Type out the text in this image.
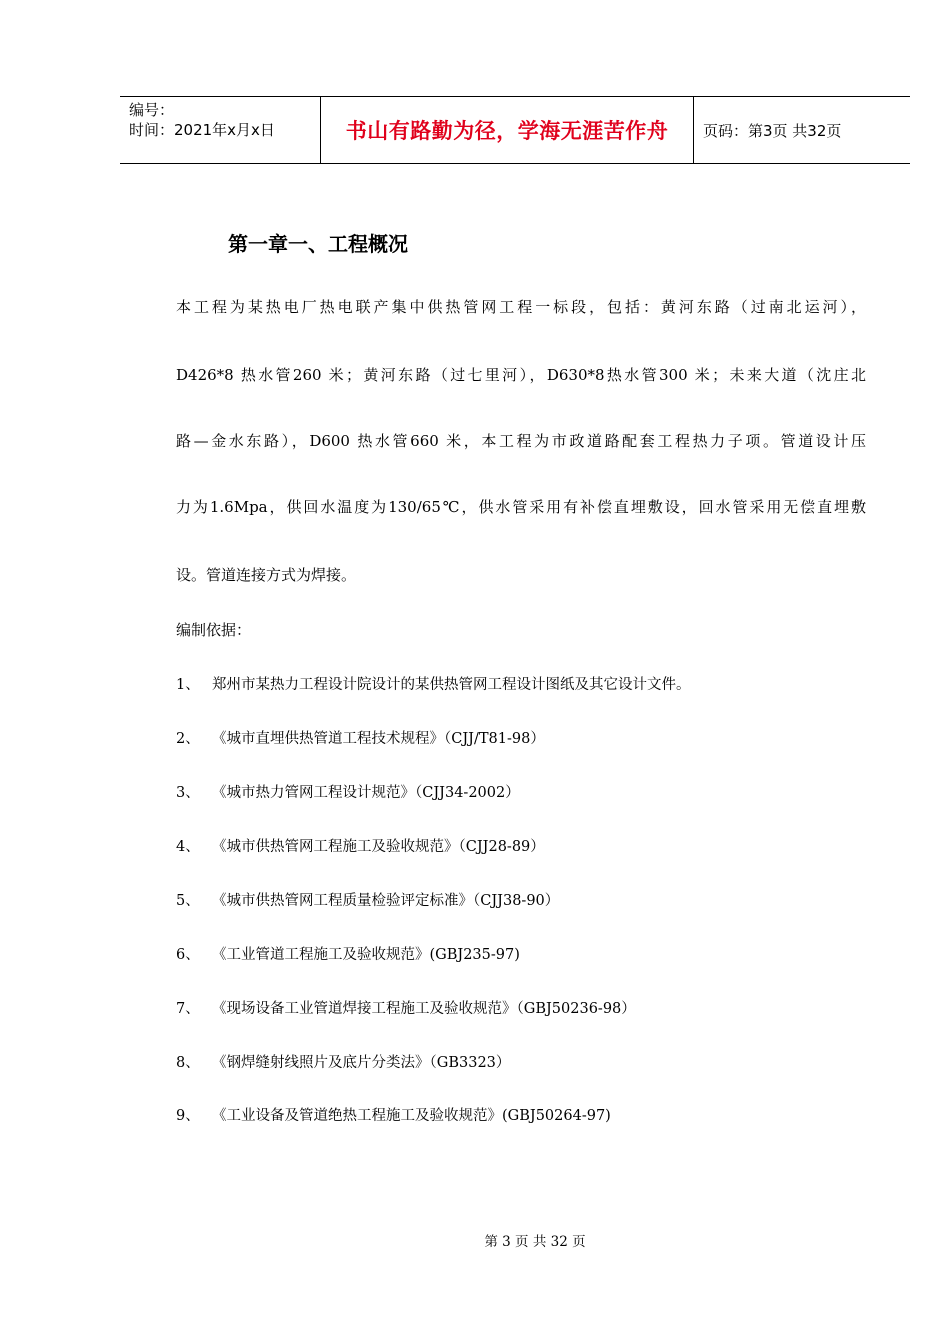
编号：
时间：2021年x月x日	书山有路勤为径，学海无涯苦作舟	页码：第3页 共32页
第一章一、工程概况
本工程为某热电厂热电联产集中供热管网工程一标段，包括：黄河东路（过南北运河），
D426*8 热水管260 米；黄河东路（过七里河），D630*8热水管300 米；未来大道（沈庄北
路—金水东路），D600 热水管660 米，本工程为市政道路配套工程热力子项。管道设计压
力为1.6Mpa，供回水温度为130/65℃，供水管采用有补偿直埋敷设，回水管采用无偿直埋敷
设。管道连接方式为焊接。
编制依据：
1、 郑州市某热力工程设计院设计的某供热管网工程设计图纸及其它设计文件。
2、 《城市直埋供热管道工程技术规程》（CJJ/T81-98）
3、 《城市热力管网工程设计规范》（CJJ34-2002）
4、 《城市供热管网工程施工及验收规范》（CJJ28-89）
5、 《城市供热管网工程质量检验评定标准》（CJJ38-90）
6、 《工业管道工程施工及验收规范》(GBJ235-97)
7、 《现场设备工业管道焊接工程施工及验收规范》（GBJ50236-98）
8、 《钢焊缝射线照片及底片分类法》（GB3323）
9、 《工业设备及管道绝热工程施工及验收规范》(GBJ50264-97)
第 3 页 共 32 页
